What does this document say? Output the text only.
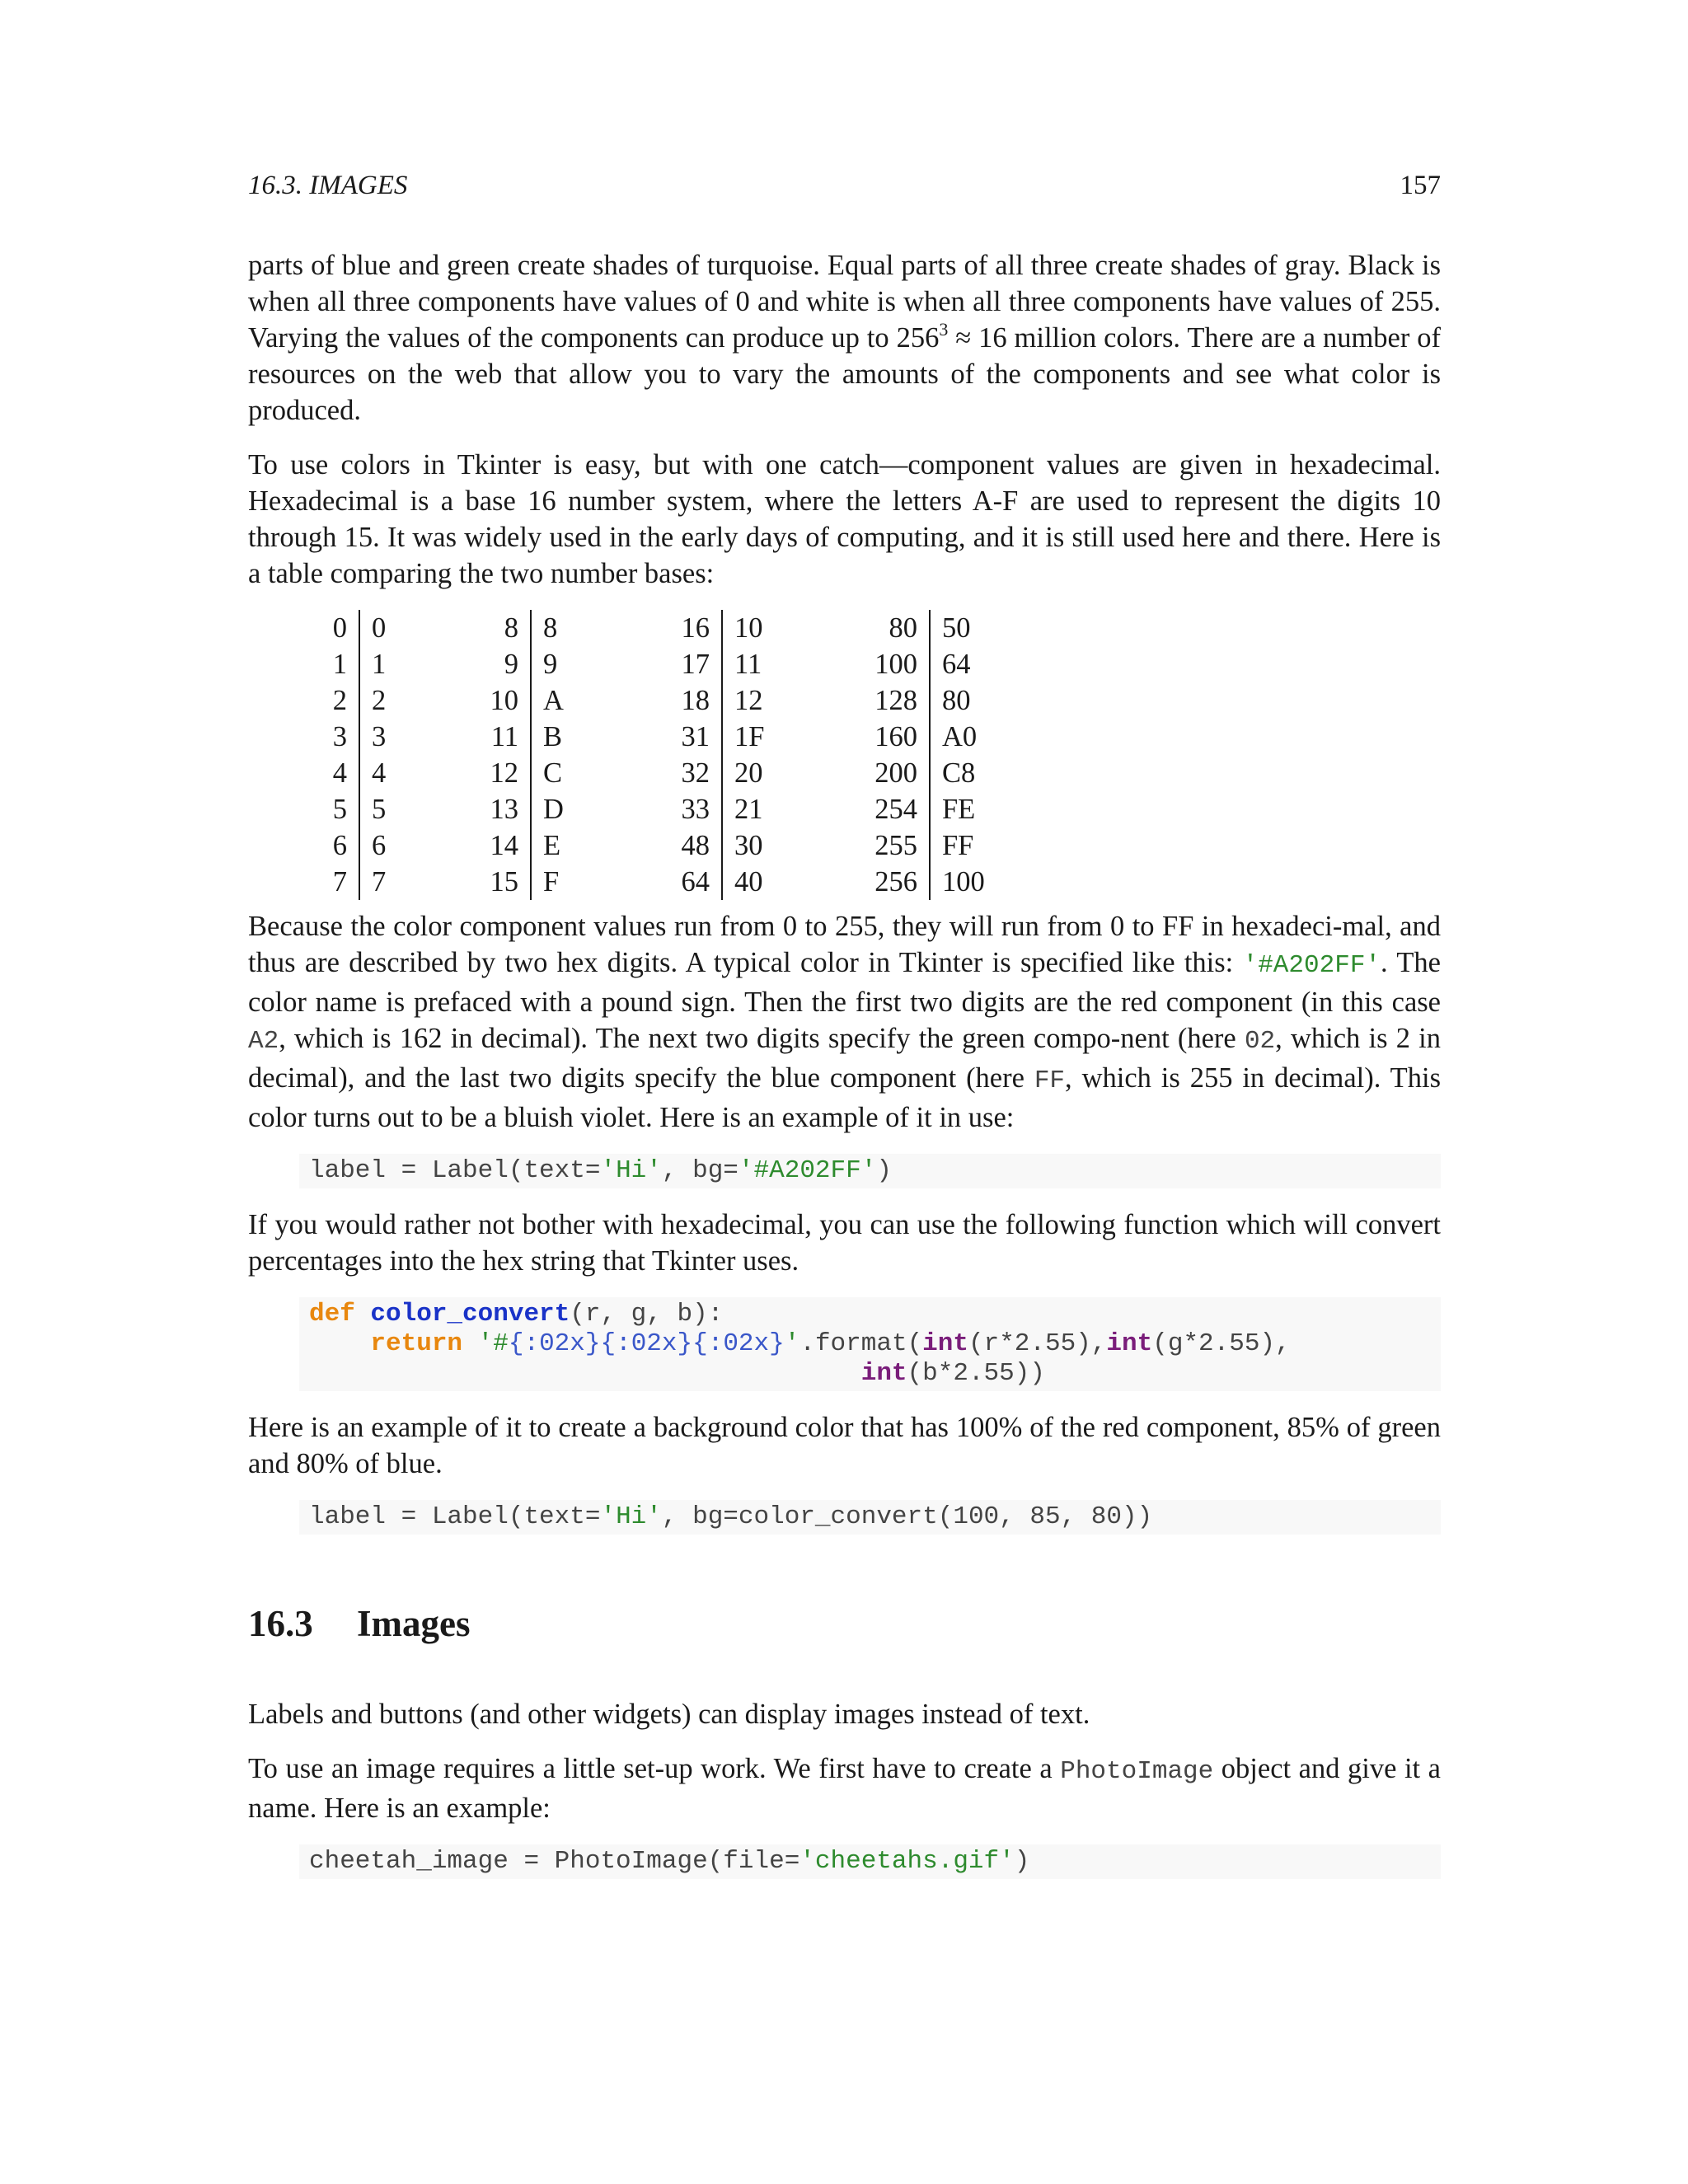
16.3. IMAGES	157

parts of blue and green create shades of turquoise. Equal parts of all three create shades of gray. Black is when all three components have values of 0 and white is when all three components have values of 255. Varying the values of the components can produce up to $256^3 \approx 16$ million colors. There are a number of resources on the web that allow you to vary the amounts of the components and see what color is produced.

To use colors in Tkinter is easy, but with one catch—component values are given in hexadecimal. Hexadecimal is a base 16 number system, where the letters A-F are used to represent the digits 10 through 15. It was widely used in the early days of computing, and it is still used here and there. Here is a table comparing the two number bases:

0
1
2
3
4
5
6
7
0
1
2
3
4
5
6
7
8
9
10
11
12
13
14
15
8
9
A
B
C
D
E
F
16
17
18
31
32
33
48
64
10
11
12
1F
20
21
30
40
80
100
128
160
200
254
255
256
50
64
80
A0
C8
FE
FF
100

Because the color component values run from 0 to 255, they will run from 0 to FF in hexadeci-mal, and thus are described by two hex digits. A typical color in Tkinter is specified like this: '#A202FF'. The color name is prefaced with a pound sign. Then the first two digits are the red component (in this case A2, which is 162 in decimal). The next two digits specify the green compo-nent (here 02, which is 2 in decimal), and the last two digits specify the blue component (here FF, which is 255 in decimal). This color turns out to be a bluish violet. Here is an example of it in use:

label = Label(text='Hi', bg='#A202FF')

If you would rather not bother with hexadecimal, you can use the following function which will convert percentages into the hex string that Tkinter uses.

def color_convert(r, g, b):
return '#{:02x}{:02x}{:02x}'.format(int(r*2.55),int(g*2.55),
int(b*2.55))

Here is an example of it to create a background color that has 100% of the red component, 85% of green and 80% of blue.

label = Label(text='Hi', bg=color_convert(100, 85, 80))
16.3 Images

Labels and buttons (and other widgets) can display images instead of text.

To use an image requires a little set-up work. We first have to create a PhotoImage object and give it a name. Here is an example:

cheetah_image = PhotoImage(file='cheetahs.gif')
